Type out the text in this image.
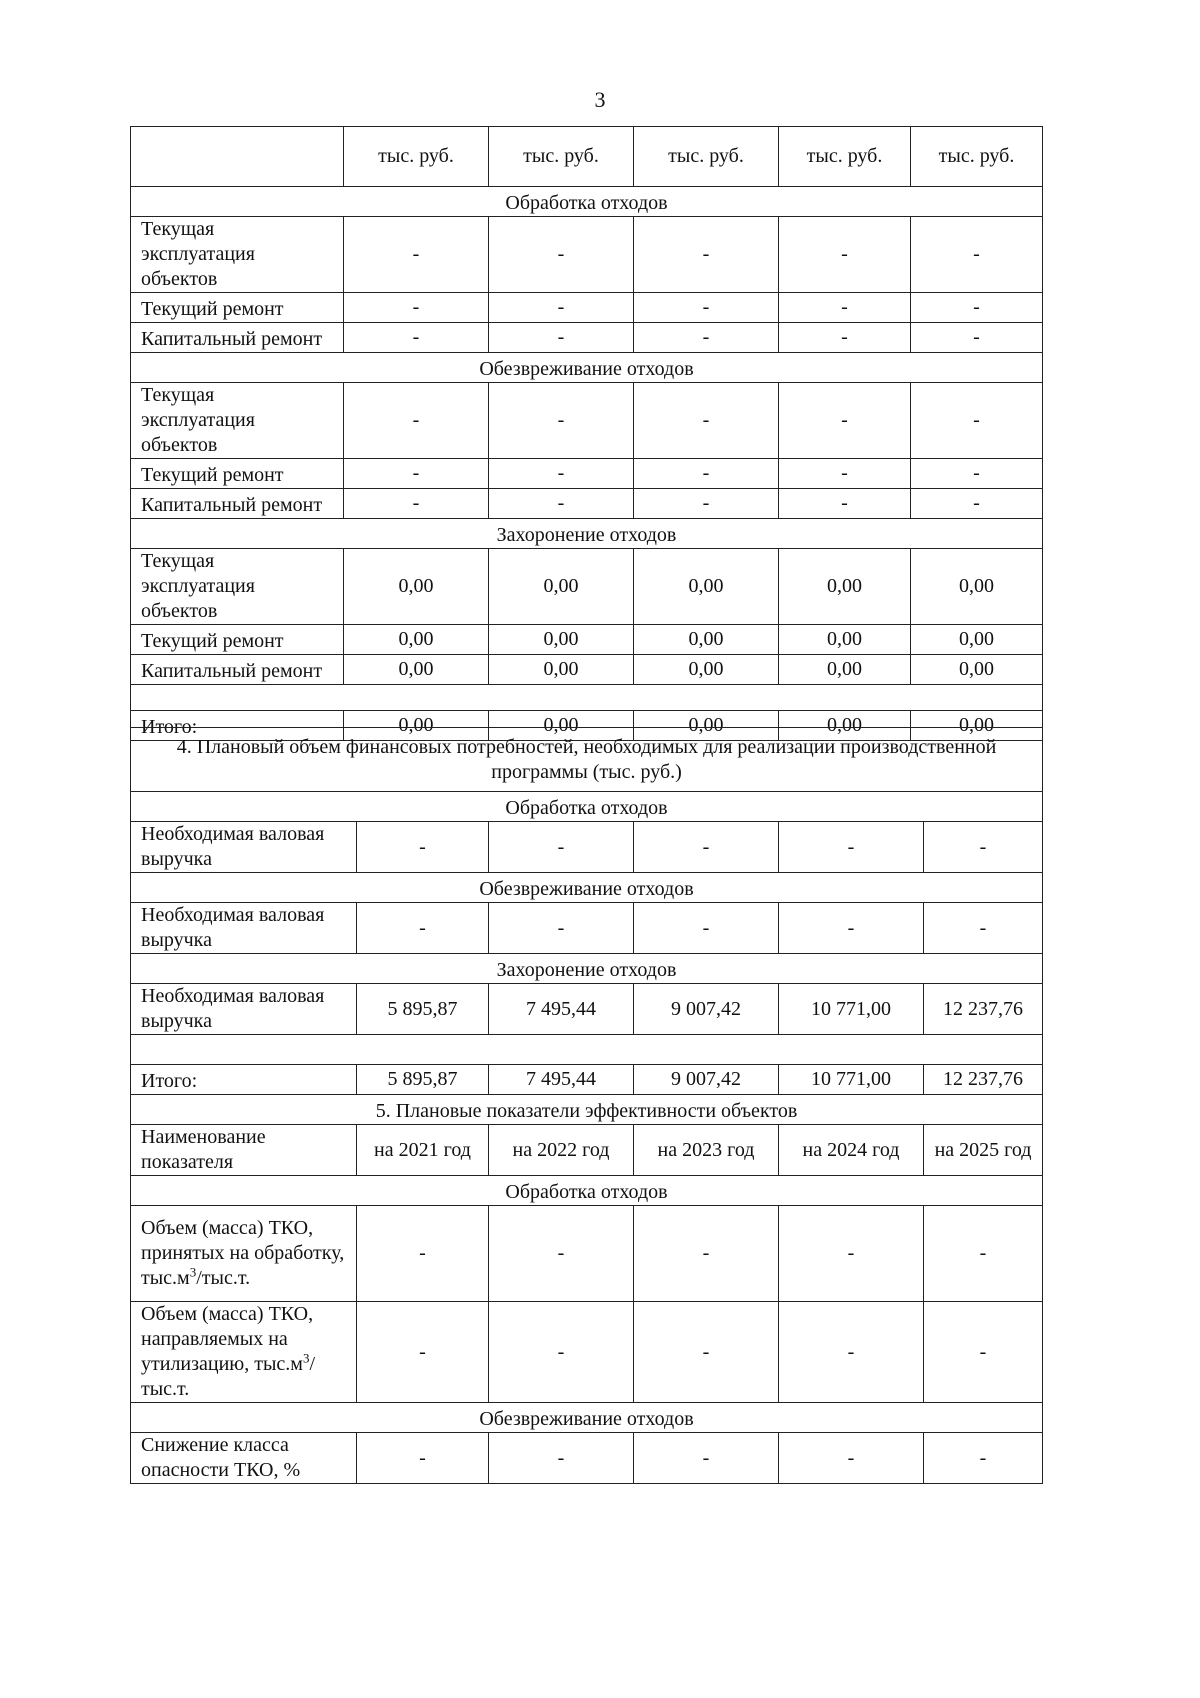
3
	тыс. руб.	тыс. руб.	тыс. руб.	тыс. руб.	тыс. руб.
Обработка отходов					
Текущая эксплуатация объектов	-	-	-	-	-
Текущий ремонт	-	-	-	-	-
Капитальный ремонт	-	-	-	-	-
Обезвреживание отходов					
Текущая эксплуатация объектов	-	-	-	-	-
Текущий ремонт	-	-	-	-	-
Капитальный ремонт	-	-	-	-	-
Захоронение отходов					
Текущая эксплуатация объектов	0,00	0,00	0,00	0,00	0,00
Текущий ремонт	0,00	0,00	0,00	0,00	0,00
Капитальный ремонт	0,00	0,00	0,00	0,00	0,00

Итого:	0,00	0,00	0,00	0,00	0,00
4. Плановый объем финансовых потребностей, необходимых для реализации производственной программы (тыс. руб.)					
Обработка отходов					
Необходимая валовая выручка	-	-	-	-	-
Обезвреживание отходов					
Необходимая валовая выручка	-	-	-	-	-
Захоронение отходов					
Необходимая валовая выручка	5 895,87	7 495,44	9 007,42	10 771,00	12 237,76

Итого:	5 895,87	7 495,44	9 007,42	10 771,00	12 237,76
5. Плановые показатели эффективности объектов					
Наименование показателя	на 2021 год	на 2022 год	на 2023 год	на 2024 год	на 2025 год
Обработка отходов					
Объем (масса) ТКО, принятых на обработку, $тыс.м^3/тыс.т$.	-	-	-	-	-
Объем (масса) ТКО, направляемых на утилизацию, $тыс.м^3/тыс.т$.	-	-	-	-	-
Обезвреживание отходов					
Снижение класса опасности ТКО, %	-	-	-	-	-
